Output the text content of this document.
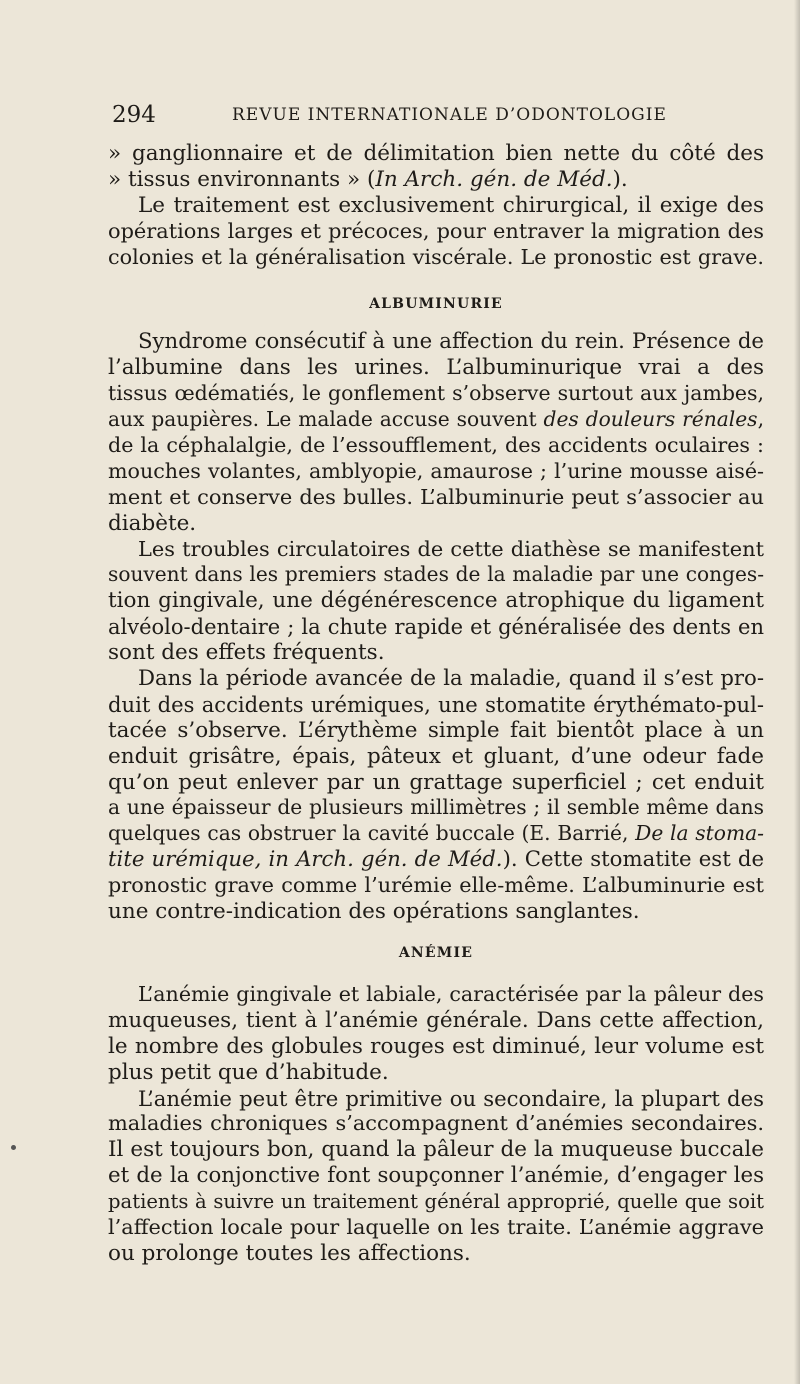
294	REVUE INTERNATIONALE D’ODONTOLOGIE
» ganglionnaire et de délimitation bien nette du côté des
» tissus environnants » (In Arch. gén. de Méd.).
Le traitement est exclusivement chirurgical, il exige des
opérations larges et précoces, pour entraver la migration des
colonies et la généralisation viscérale. Le pronostic est grave.
ALBUMINURIE
Syndrome consécutif à une affection du rein. Présence de
l’albumine dans les urines. L’albuminurique vrai a des
tissus œdématiés, le gonflement s’observe surtout aux jambes,
aux paupières. Le malade accuse souvent des douleurs rénales,
de la céphalalgie, de l’essoufflement, des accidents oculaires :
mouches volantes, amblyopie, amaurose ; l’urine mousse aisé-
ment et conserve des bulles. L’albuminurie peut s’associer au
diabète.
Les troubles circulatoires de cette diathèse se manifestent
souvent dans les premiers stades de la maladie par une conges-
tion gingivale, une dégénérescence atrophique du ligament
alvéolo-dentaire ; la chute rapide et généralisée des dents en
sont des effets fréquents.
Dans la période avancée de la maladie, quand il s’est pro-
duit des accidents urémiques, une stomatite érythémato-pul-
tacée s’observe. L’érythème simple fait bientôt place à un
enduit grisâtre, épais, pâteux et gluant, d’une odeur fade
qu’on peut enlever par un grattage superficiel ; cet enduit
a une épaisseur de plusieurs millimètres ; il semble même dans
quelques cas obstruer la cavité buccale (E. Barrié, De la stoma-
tite urémique, in Arch. gén. de Méd.). Cette stomatite est de
pronostic grave comme l’urémie elle-même. L’albuminurie est
une contre-indication des opérations sanglantes.
ANÉMIE
L’anémie gingivale et labiale, caractérisée par la pâleur des
muqueuses, tient à l’anémie générale. Dans cette affection,
le nombre des globules rouges est diminué, leur volume est
plus petit que d’habitude.
L’anémie peut être primitive ou secondaire, la plupart des
maladies chroniques s’accompagnent d’anémies secondaires.
Il est toujours bon, quand la pâleur de la muqueuse buccale
et de la conjonctive font soupçonner l’anémie, d’engager les
patients à suivre un traitement général approprié, quelle que soit
l’affection locale pour laquelle on les traite. L’anémie aggrave
ou prolonge toutes les affections.
